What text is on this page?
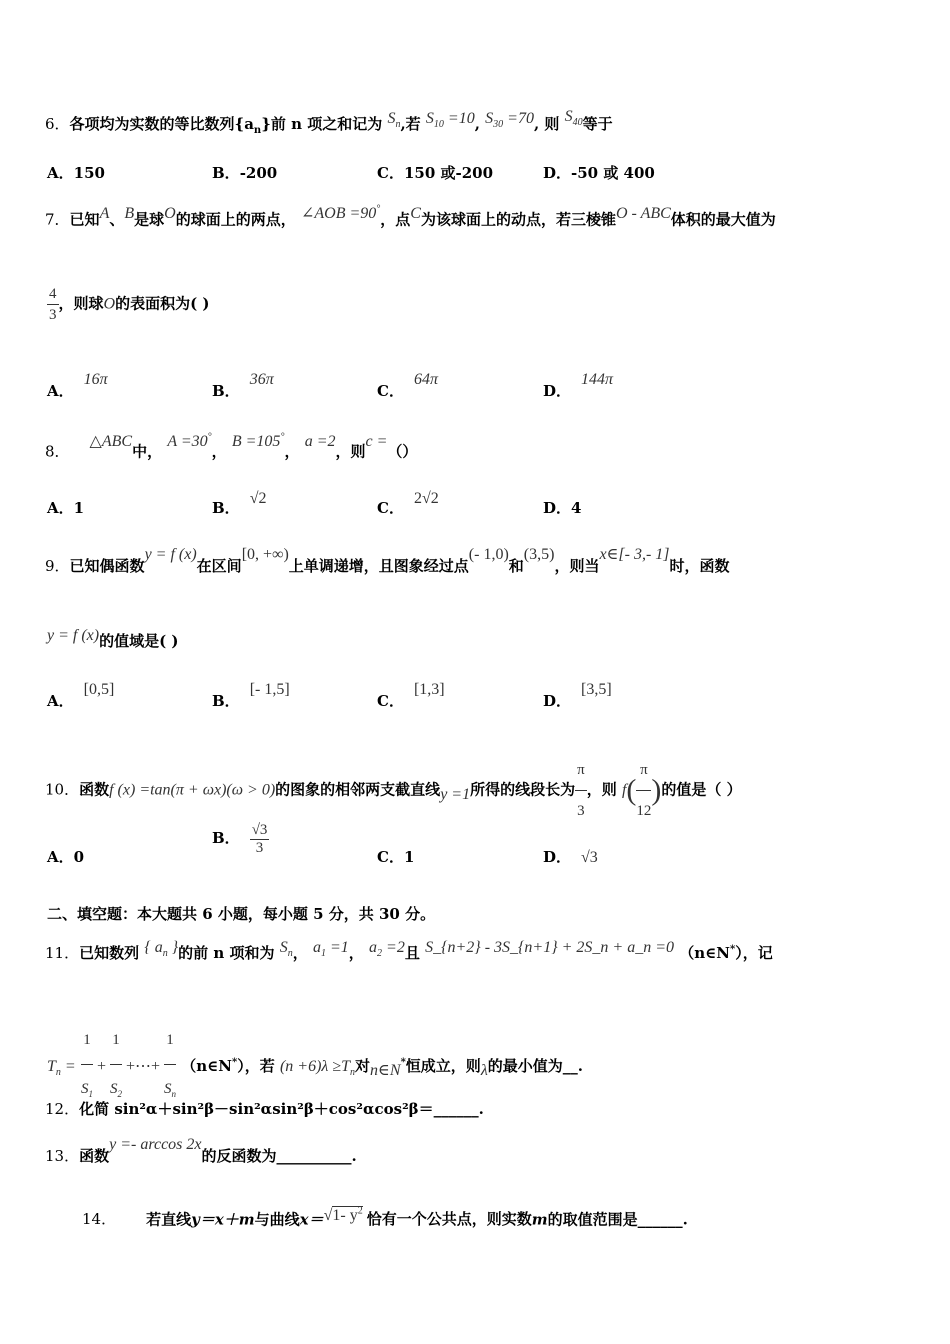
6．各项均为实数的等比数列$\{a_n\}$前 n 项之和记为 $S_n$,若 $S_{10} =10$, $S_{30} =70$, 则 $S_{40}$等于
A．150	B．-200	C．150 或-200	D．-50 或 400
7．已知A、B是球O的球面上的两点， ∠AOB =90°，点C为该球面上的动点，若三棱锥O - ABC体积的最大值为
$\frac{4}{3}$ ，则球O的表面积为( )
A．16π
B．36π
C．64π
D．144π
8．△ABC中， A =30°， B =105°， a =2，则c =（）
A．1	B．√2
C．2√2
D．4
9．已知偶函数y = f (x)在区间[0, +∞)上单调递增，且图象经过点(- 1,0)和(3,5)，则当x∈[- 3,- 1]时，函数
y = f (x)的值域是( )
A．[0,5]
B．[- 1,5]
C．[1,3]
D．[3,5]
10．函数f (x) =tan(π + ωx)(ω > 0)的图象的相邻两支截直线y =1所得的线段长为 $\frac{\pi}{3}$ ，则 $f( \frac{\pi}{12}$ )的值是（ ）
A．0
B． $\frac{√3}{3}$	C．1	D． √3
二、填空题：本大题共 6 小题，每小题 5 分，共 30 分。
11．已知数列 { $a_n$ }的前 n 项和为 $S_n$， $a_1 =1$， $a_2 =2$且 S_{n+2} - 3S_{n+1} + 2S_n + a_n =0 （n∈N*），记
$T_n = \frac{1}{S_1} + \frac{1}{S_2}$ +⋯+ $\frac{1}{S_n}$ （n∈N*），若 $(n +6)\lambda \ge T_n$对n∈N*恒成立，则λ的最小值为__.
12．化简 sin²α＋sin²β－sin²αsin²β＋cos²αcos²β＝______.
13．函数y =- arccos 2x的反函数为__________.
14． 若直线y＝x＋m与曲线x＝√1- $y^2$ 恰有一个公共点，则实数m的取值范围是______.
